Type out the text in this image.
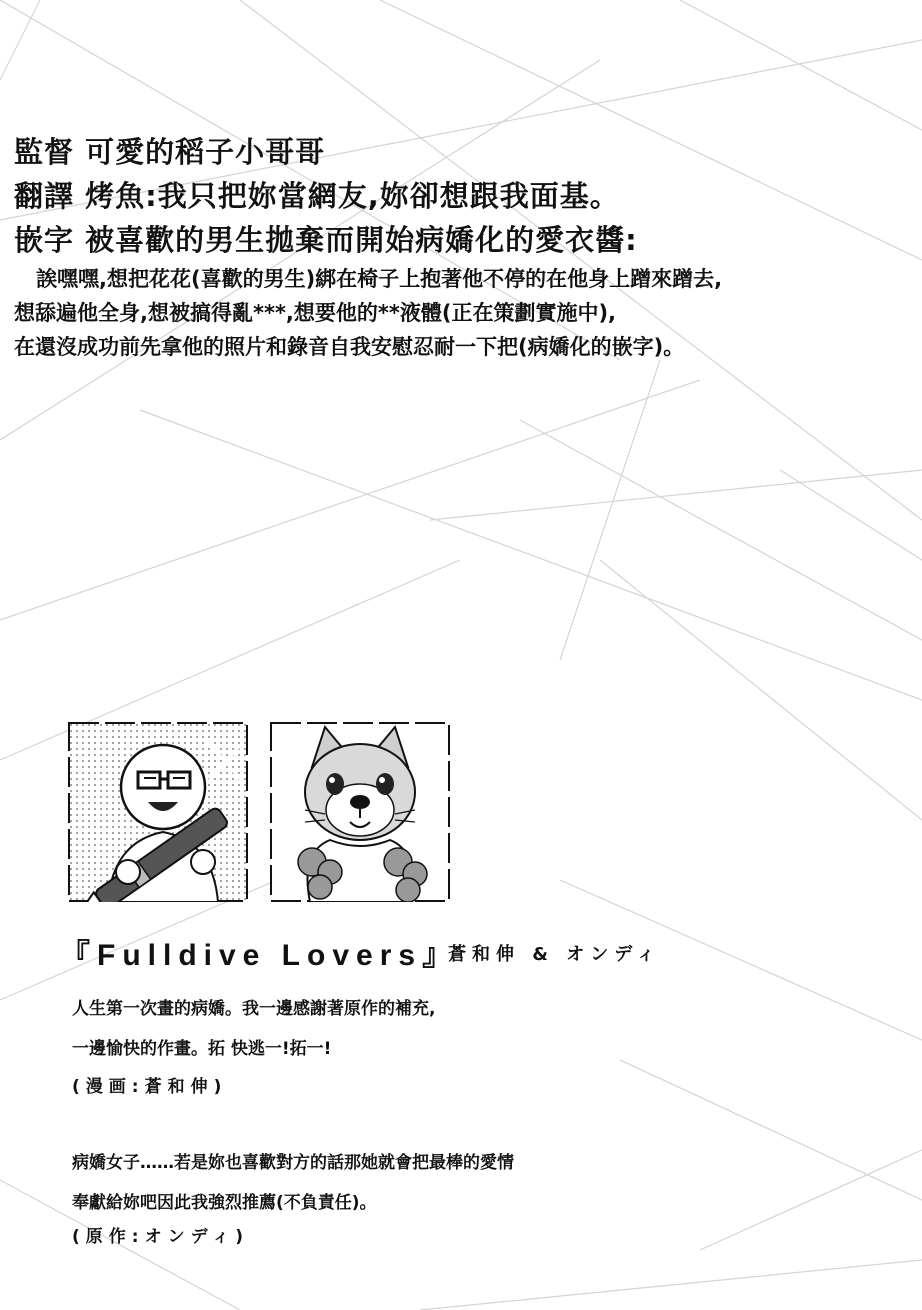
監督 可愛的稻子小哥哥
翻譯 烤魚:我只把妳當網友,妳卻想跟我面基。
嵌字 被喜歡的男生拋棄而開始病嬌化的愛衣醬:
誒嘿嘿,想把花花(喜歡的男生)綁在椅子上抱著他不停的在他身上蹭來蹭去,
想舔遍他全身,想被搞得亂***,想要他的**液體(正在策劃實施中),
在還沒成功前先拿他的照片和錄音自我安慰忍耐一下把(病嬌化的嵌字)。
『Fulldive Lovers』
蒼和伸 & オンディ
人生第一次畫的病嬌。我一邊感謝著原作的補充,
一邊愉快的作畫。拓 快逃一!拓一!
(漫画:蒼和伸)
病嬌女子……若是妳也喜歡對方的話那她就會把最棒的愛情
奉獻給妳吧因此我強烈推薦(不負責任)。
(原作:オンディ)
